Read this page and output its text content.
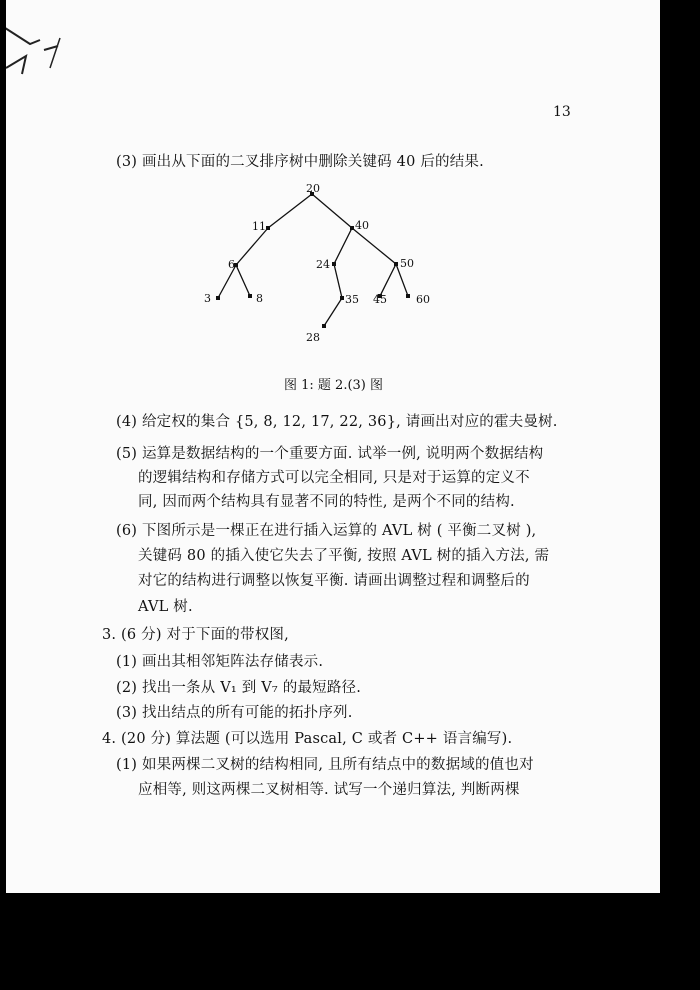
13
(3) 画出从下面的二叉排序树中删除关键码 40 后的结果.
20
11	40
6	24	50
3	8	35 45	60
28
图 1: 题 2.(3) 图
(4) 给定权的集合 {5, 8, 12, 17, 22, 36}, 请画出对应的霍夫曼树.
(5) 运算是数据结构的一个重要方面. 试举一例, 说明两个数据结构
的逻辑结构和存储方式可以完全相同, 只是对于运算的定义不
同, 因而两个结构具有显著不同的特性, 是两个不同的结构.
(6) 下图所示是一棵正在进行插入运算的 AVL 树 ( 平衡二叉树 ),
关键码 80 的插入使它失去了平衡, 按照 AVL 树的插入方法, 需
对它的结构进行调整以恢复平衡. 请画出调整过程和调整后的
AVL 树.
3. (6 分) 对于下面的带权图,
(1) 画出其相邻矩阵法存储表示.
(2) 找出一条从 V₁ 到 V₇ 的最短路径.
(3) 找出结点的所有可能的拓扑序列.
4. (20 分) 算法题 (可以选用 Pascal, C 或者 C++ 语言编写).
(1) 如果两棵二叉树的结构相同, 且所有结点中的数据域的值也对
应相等, 则这两棵二叉树相等. 试写一个递归算法, 判断两棵
